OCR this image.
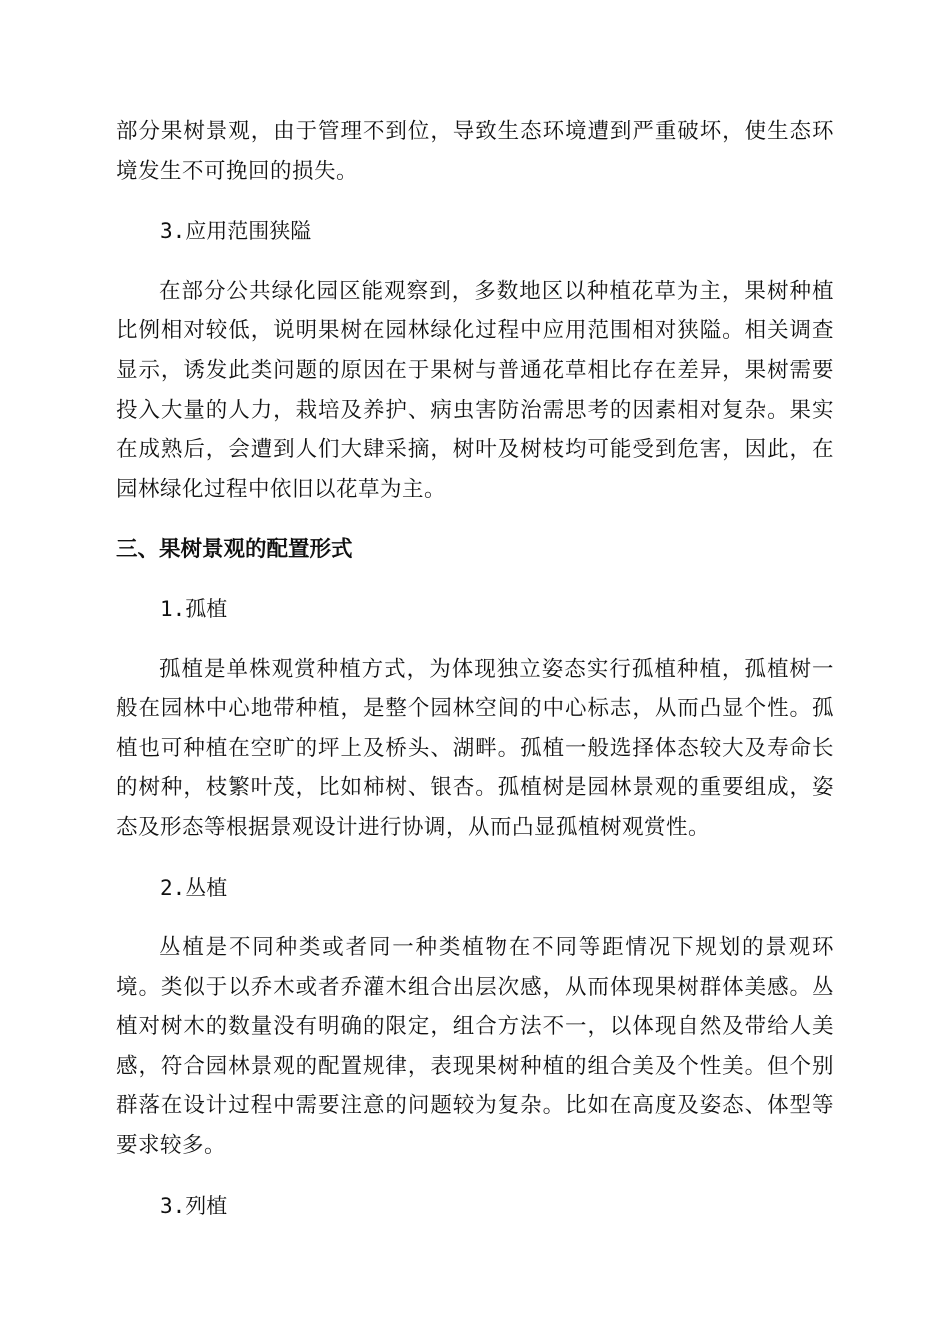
部分果树景观，由于管理不到位，导致生态环境遭到严重破坏，使生态环境发生不可挽回的损失。

3.应用范围狭隘

在部分公共绿化园区能观察到，多数地区以种植花草为主，果树种植比例相对较低，说明果树在园林绿化过程中应用范围相对狭隘。相关调查显示，诱发此类问题的原因在于果树与普通花草相比存在差异，果树需要投入大量的人力，栽培及养护、病虫害防治需思考的因素相对复杂。果实在成熟后，会遭到人们大肆采摘，树叶及树枝均可能受到危害，因此，在园林绿化过程中依旧以花草为主。

三、果树景观的配置形式

1.孤植

孤植是单株观赏种植方式，为体现独立姿态实行孤植种植，孤植树一般在园林中心地带种植，是整个园林空间的中心标志，从而凸显个性。孤植也可种植在空旷的坪上及桥头、湖畔。孤植一般选择体态较大及寿命长的树种，枝繁叶茂，比如柿树、银杏。孤植树是园林景观的重要组成，姿态及形态等根据景观设计进行协调，从而凸显孤植树观赏性。

2.丛植

丛植是不同种类或者同一种类植物在不同等距情况下规划的景观环境。类似于以乔木或者乔灌木组合出层次感，从而体现果树群体美感。丛植对树木的数量没有明确的限定，组合方法不一，以体现自然及带给人美感，符合园林景观的配置规律，表现果树种植的组合美及个性美。但个别群落在设计过程中需要注意的问题较为复杂。比如在高度及姿态、体型等要求较多。

3.列植
